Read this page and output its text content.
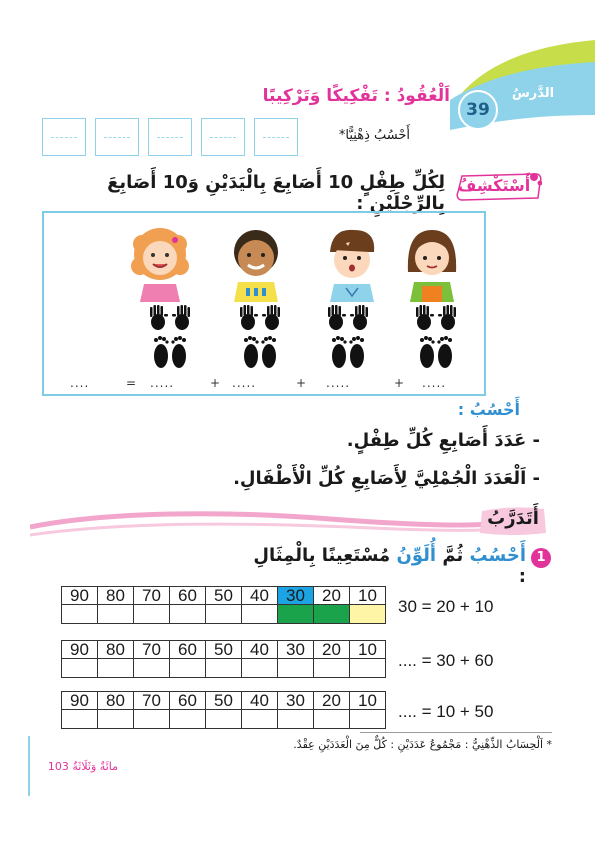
الدَّرسُ
39
اَلْعُقُودُ : تَفْكِيكًا وَتَرْكِيبًا
أَحْسُبُ ذِهْنِيًّا*
أَسْتَكْشِفُ
لِكُلِّ طِفْلٍ 10 أَصَابِعَ بِالْيَدَيْنِ وَ10 أَصَابِعَ بِالرِّجْلَيْنِ :
....	= .....	+ .....	+ .....	+ .....
أَحْسُبُ :
- عَدَدَ أَصَابِعِ كُلِّ طِفْلٍ.
- اَلْعَدَدَ الْجُمْلِيَّ لِأَصَابِعِ كُلِّ الْأَطْفَالِ.
أَتَدَرَّبُ
1
أَحْسُبُ ثُمَّ أُلَوِّنُ مُسْتَعِينًا بِالْمِثَالِ :
90	80	70	60	50	40	30	20	10

30 = 20 + 10
90	80	70	60	50	40	30	20	10

.... = 30 + 60
90	80	70	60	50	40	30	20	10

.... = 10 + 50
* اَلْحِسَابُ الذِّهْنِيُّ : مَجْمُوعُ عَدَدَيْنِ : كُلٌّ مِنَ الْعَدَدَيْنِ عِقْدٌ.
مائَةٌ وَثَلَاثَةٌ 103
